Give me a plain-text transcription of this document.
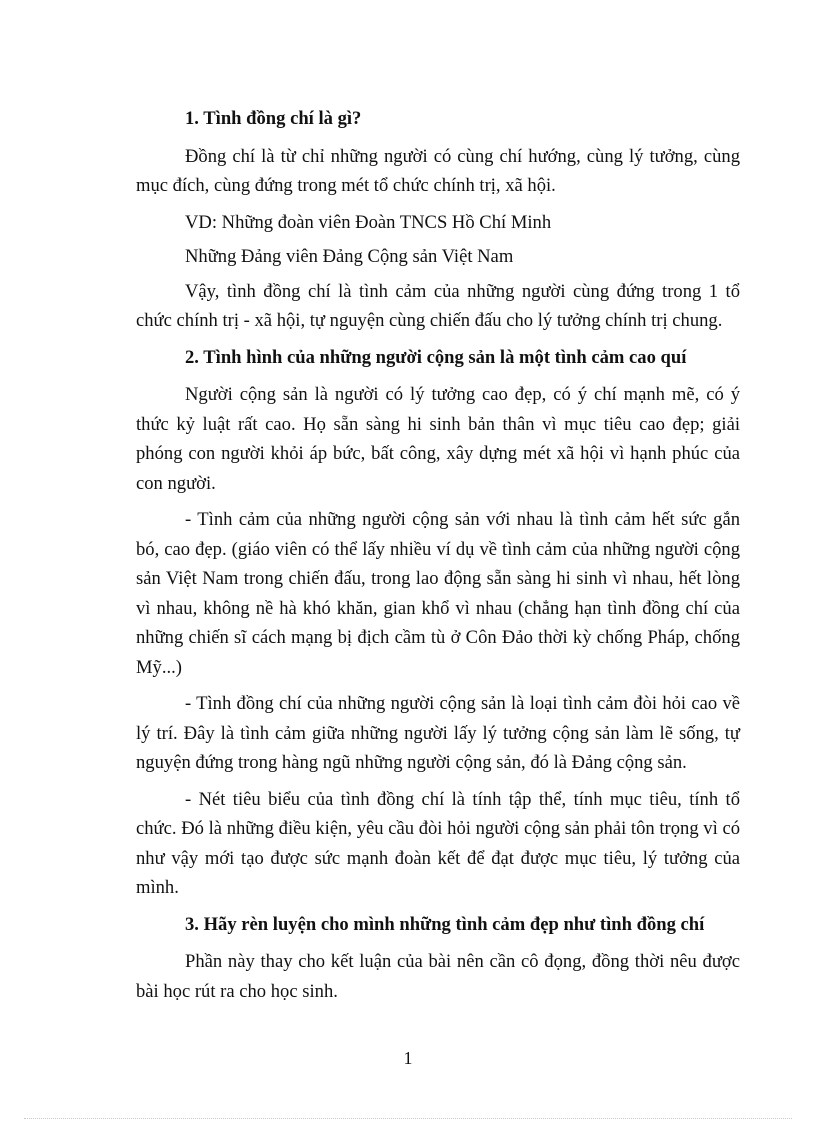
1. Tình đồng chí là gì?

Đồng chí là từ chỉ những người có cùng chí hướng, cùng lý tưởng, cùng mục đích, cùng đứng trong mét tổ chức chính trị, xã hội.

VD: Những đoàn viên Đoàn TNCS Hồ Chí Minh

Những Đảng viên Đảng Cộng sản Việt Nam

Vậy, tình đồng chí là tình cảm của những người cùng đứng trong 1 tổ chức chính trị - xã hội, tự nguyện cùng chiến đấu cho lý tưởng chính trị chung.

2. Tình hình của những người cộng sản là một tình cảm cao quí

Người cộng sản là người có lý tưởng cao đẹp, có ý chí mạnh mẽ, có ý thức kỷ luật rất cao. Họ sẵn sàng hi sinh bản thân vì mục tiêu cao đẹp; giải phóng con người khỏi áp bức, bất công, xây dựng mét xã hội vì hạnh phúc của con người.

- Tình cảm của những người cộng sản với nhau là tình cảm hết sức gắn bó, cao đẹp. (giáo viên có thể lấy nhiều ví dụ về tình cảm của những người cộng sản Việt Nam trong chiến đấu, trong lao động sẵn sàng hi sinh vì nhau, hết lòng vì nhau, không nề hà khó khăn, gian khổ vì nhau (chẳng hạn tình đồng chí của những chiến sĩ cách mạng bị địch cầm tù ở Côn Đảo thời kỳ chống Pháp, chống Mỹ...)

- Tình đồng chí của những người cộng sản là loại tình cảm đòi hỏi cao về lý trí. Đây là tình cảm giữa những người lấy lý tưởng cộng sản làm lẽ sống, tự nguyện đứng trong hàng ngũ những người cộng sản, đó là Đảng cộng sản.

- Nét tiêu biểu của tình đồng chí là tính tập thể, tính mục tiêu, tính tổ chức. Đó là những điều kiện, yêu cầu đòi hỏi người cộng sản phải tôn trọng vì có như vậy mới tạo được sức mạnh đoàn kết để đạt được mục tiêu, lý tưởng của mình.

3. Hãy rèn luyện cho mình những tình cảm đẹp như tình đồng chí

Phần này thay cho kết luận của bài nên cần cô đọng, đồng thời nêu được bài học rút ra cho học sinh.

1
